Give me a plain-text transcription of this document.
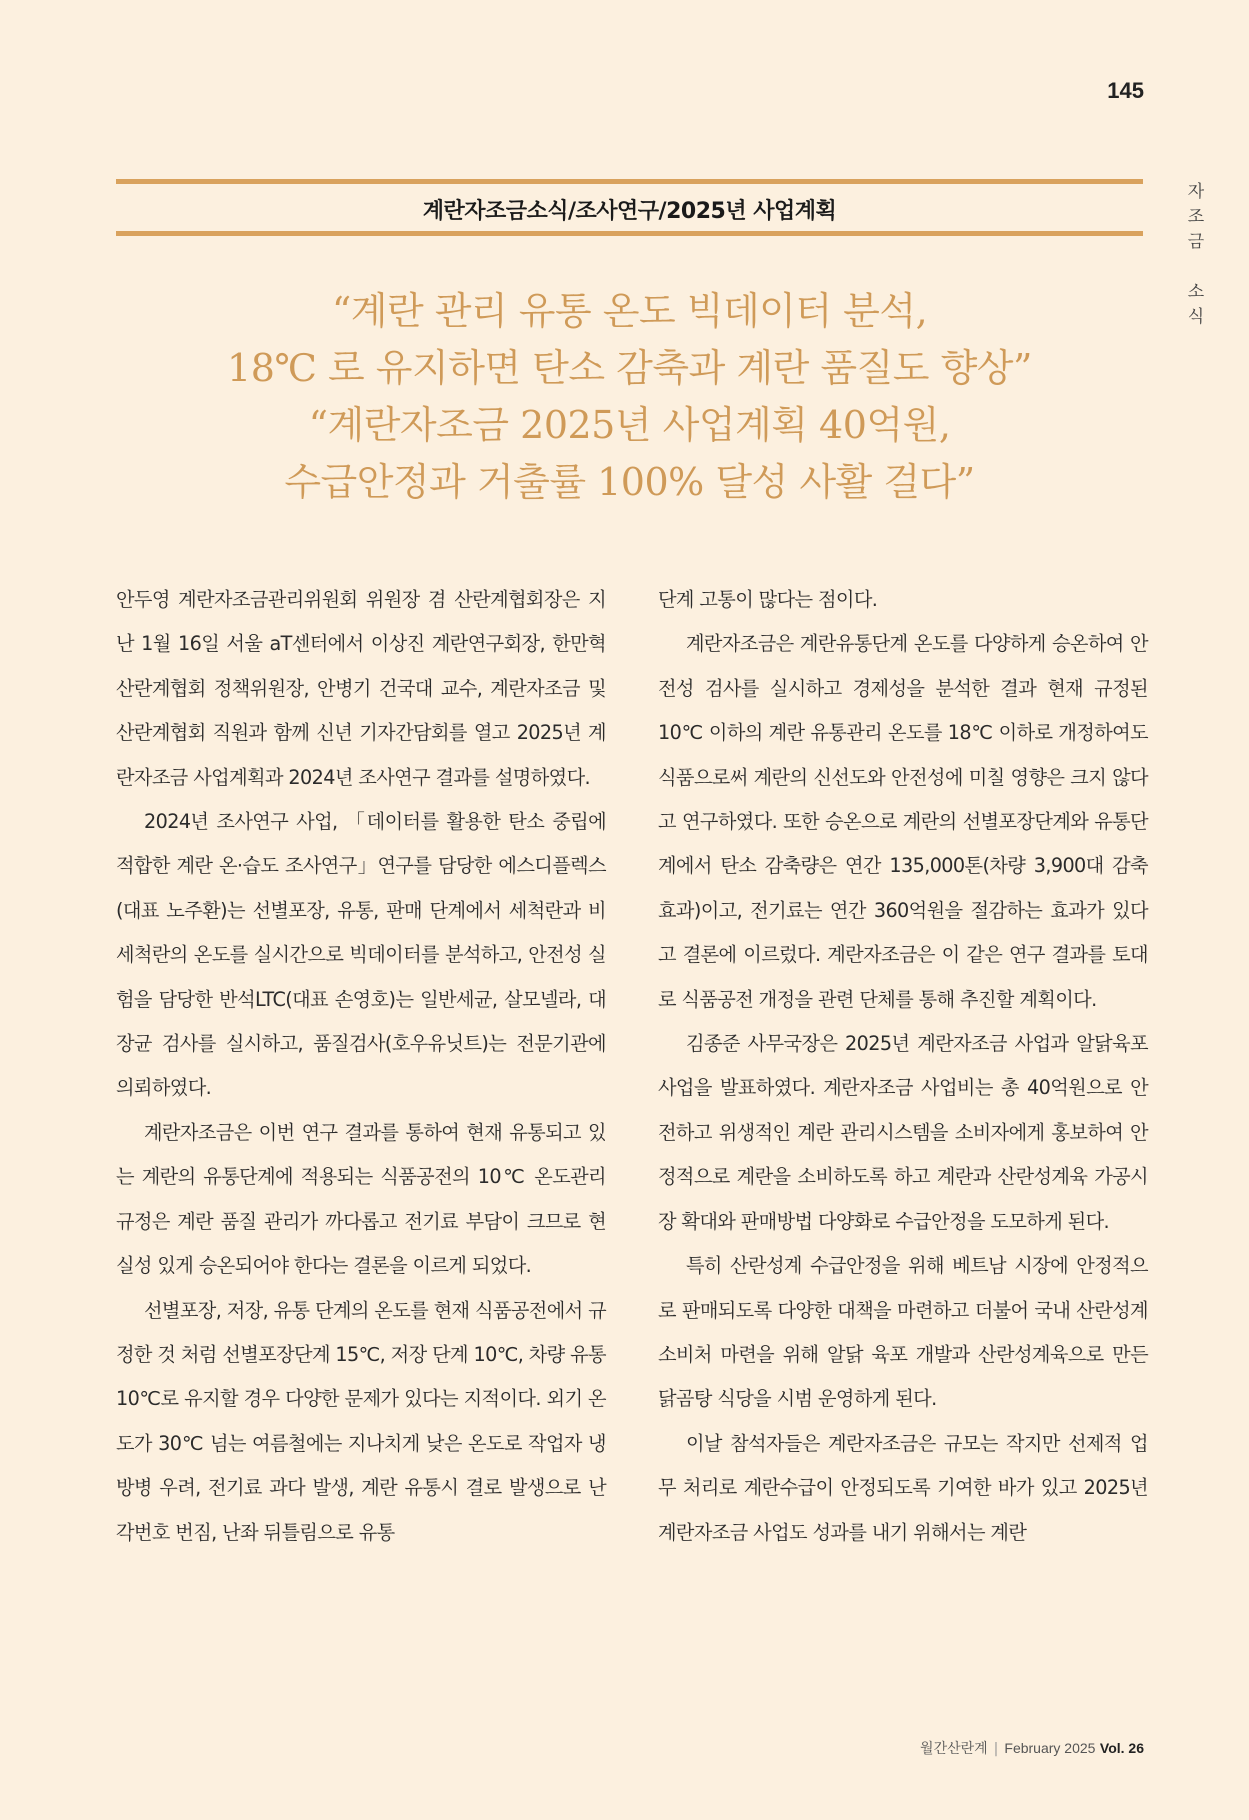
145
자
조
금

소
식
계란자조금소식/조사연구/2025년 사업계획
“계란 관리 유통 온도 빅데이터 분석,
18℃ 로 유지하면 탄소 감축과 계란 품질도 향상”
“계란자조금 2025년 사업계획 40억원,
수급안정과 거출률 100% 달성 사활 걸다”

안두영 계란자조금관리위원회 위원장 겸 산란계협회장은 지난 1월 16일 서울 aT센터에서 이상진 계란연구회장, 한만혁 산란계협회 정책위원장, 안병기 건국대 교수, 계란자조금 및 산란계협회 직원과 함께 신년 기자간담회를 열고 2025년 계란자조금 사업계획과 2024년 조사연구 결과를 설명하였다.

2024년 조사연구 사업, 「데이터를 활용한 탄소 중립에 적합한 계란 온·습도 조사연구」연구를 담당한 에스디플렉스(대표 노주환)는 선별포장, 유통, 판매 단계에서 세척란과 비세척란의 온도를 실시간으로 빅데이터를 분석하고, 안전성 실험을 담당한 반석LTC(대표 손영호)는 일반세균, 살모넬라, 대장균 검사를 실시하고, 품질검사(호우유닛트)는 전문기관에 의뢰하였다.

계란자조금은 이번 연구 결과를 통하여 현재 유통되고 있는 계란의 유통단계에 적용되는 식품공전의 10℃ 온도관리 규정은 계란 품질 관리가 까다롭고 전기료 부담이 크므로 현실성 있게 승온되어야 한다는 결론을 이르게 되었다.

선별포장, 저장, 유통 단계의 온도를 현재 식품공전에서 규정한 것 처럼 선별포장단계 15℃, 저장 단계 10℃, 차량 유통 10℃로 유지할 경우 다양한 문제가 있다는 지적이다. 외기 온도가 30℃ 넘는 여름철에는 지나치게 낮은 온도로 작업자 냉방병 우려, 전기료 과다 발생, 계란 유통시 결로 발생으로 난각번호 번짐, 난좌 뒤틀림으로 유통

단계 고통이 많다는 점이다.

계란자조금은 계란유통단계 온도를 다양하게 승온하여 안전성 검사를 실시하고 경제성을 분석한 결과 현재 규정된 10℃ 이하의 계란 유통관리 온도를 18℃ 이하로 개정하여도 식품으로써 계란의 신선도와 안전성에 미칠 영향은 크지 않다고 연구하였다. 또한 승온으로 계란의 선별포장단계와 유통단계에서 탄소 감축량은 연간 135,000톤(차량 3,900대 감축 효과)이고, 전기료는 연간 360억원을 절감하는 효과가 있다고 결론에 이르렀다. 계란자조금은 이 같은 연구 결과를 토대로 식품공전 개정을 관련 단체를 통해 추진할 계획이다.

김종준 사무국장은 2025년 계란자조금 사업과 알닭육포 사업을 발표하였다. 계란자조금 사업비는 총 40억원으로 안전하고 위생적인 계란 관리시스템을 소비자에게 홍보하여 안정적으로 계란을 소비하도록 하고 계란과 산란성계육 가공시장 확대와 판매방법 다양화로 수급안정을 도모하게 된다.

특히 산란성계 수급안정을 위해 베트남 시장에 안정적으로 판매되도록 다양한 대책을 마련하고 더불어 국내 산란성계 소비처 마련을 위해 알닭 육포 개발과 산란성계육으로 만든 닭곰탕 식당을 시범 운영하게 된다.

이날 참석자들은 계란자조금은 규모는 작지만 선제적 업무 처리로 계란수급이 안정되도록 기여한 바가 있고 2025년 계란자조금 사업도 성과를 내기 위해서는 계란

월간산란계 | February 2025 Vol. 26
